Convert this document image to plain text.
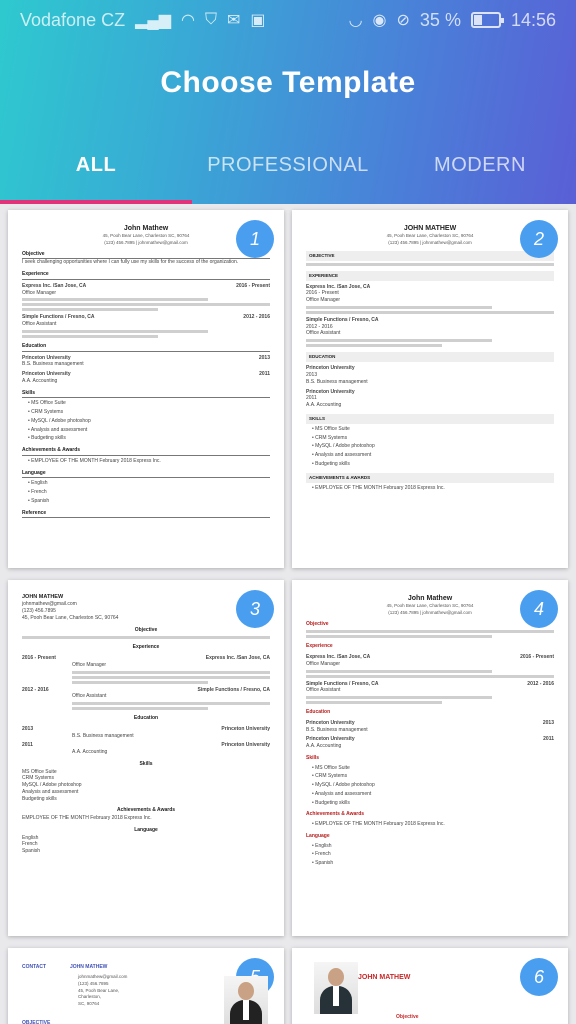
Vodafone CZ ▂▄▆ ◠ ⛉ ✉ ▣	◡ ◉ ⊘ 35 %	14:56
Choose Template
ALL	PROFESSIONAL	MODERN
1
John Mathew
45, Pooh Bear Lane, Charleston SC, 90764
(123) 456.7895 | johnmathew@gmail.com
Objective
I seek challenging opportunities where I can fully use my skills for the success of the organization.
Experience
Express Inc. /San Jose, CA	2016 - Present
Office Manager
Simple Functions / Fresno, CA	2012 - 2016
Office Assistant
Education
Princeton University	2013
B.S. Business management
Princeton University	2011
A.A. Accounting
Skills
• MS Office Suite
• CRM Systems
• MySQL / Adobe photoshop
• Analysis and assessment
• Budgeting skills
Achievements & Awards
• EMPLOYEE OF THE MONTH February 2018 Express Inc.
Language
• English
• French
• Spanish
Reference
2
JOHN MATHEW
45, Pooh Bear Lane, Charleston SC, 90764
(123) 456.7895 | johnmathew@gmail.com
OBJECTIVE
EXPERIENCE
Express Inc. /San Jose, CA
2016 - Present
Office Manager
Simple Functions / Fresno, CA
2012 - 2016
Office Assistant
EDUCATION
Princeton University
2013
B.S. Business management
Princeton University
2011
A.A. Accounting
SKILLS
• MS Office Suite
• CRM Systems
• MySQL / Adobe photoshop
• Analysis and assessment
• Budgeting skills
ACHIEVEMENTS & AWARDS
• EMPLOYEE OF THE MONTH February 2018 Express Inc.
3
JOHN MATHEW
johnmathew@gmail.com
(123) 456.7895
45, Pooh Bear Lane, Charleston SC, 90764
Objective
Experience
2016 - Present	Express Inc. /San Jose, CA
Office Manager
2012 - 2016	Simple Functions / Fresno, CA
Office Assistant
Education
2013	Princeton University
B.S. Business management
2011	Princeton University
A.A. Accounting
Skills
MS Office Suite
CRM Systems
MySQL / Adobe photoshop
Analysis and assessment
Budgeting skills
Achievements & Awards
EMPLOYEE OF THE MONTH February 2018 Express Inc.
Language
English
French
Spanish
4
John Mathew
45, Pooh Bear Lane, Charleston SC, 90764
(123) 456.7895 | johnmathew@gmail.com
Objective
Experience
Express Inc. /San Jose, CA	2016 - Present
Office Manager
Simple Functions / Fresno, CA	2012 - 2016
Office Assistant
Education
Princeton University	2013
B.S. Business management
Princeton University	2011
A.A. Accounting
Skills
• MS Office Suite
• CRM Systems
• MySQL / Adobe photoshop
• Analysis and assessment
• Budgeting skills
Achievements & Awards
• EMPLOYEE OF THE MONTH February 2018 Express Inc.
Language
• English
• French
• Spanish
CONTACT	JOHN MATHEW
johnmathew@gmail.com
(123) 456.7895
45, Pooh Bear Lane,
Charleston,
SC, 90764
OBJECTIVE
6
JOHN MATHEW
Objective
